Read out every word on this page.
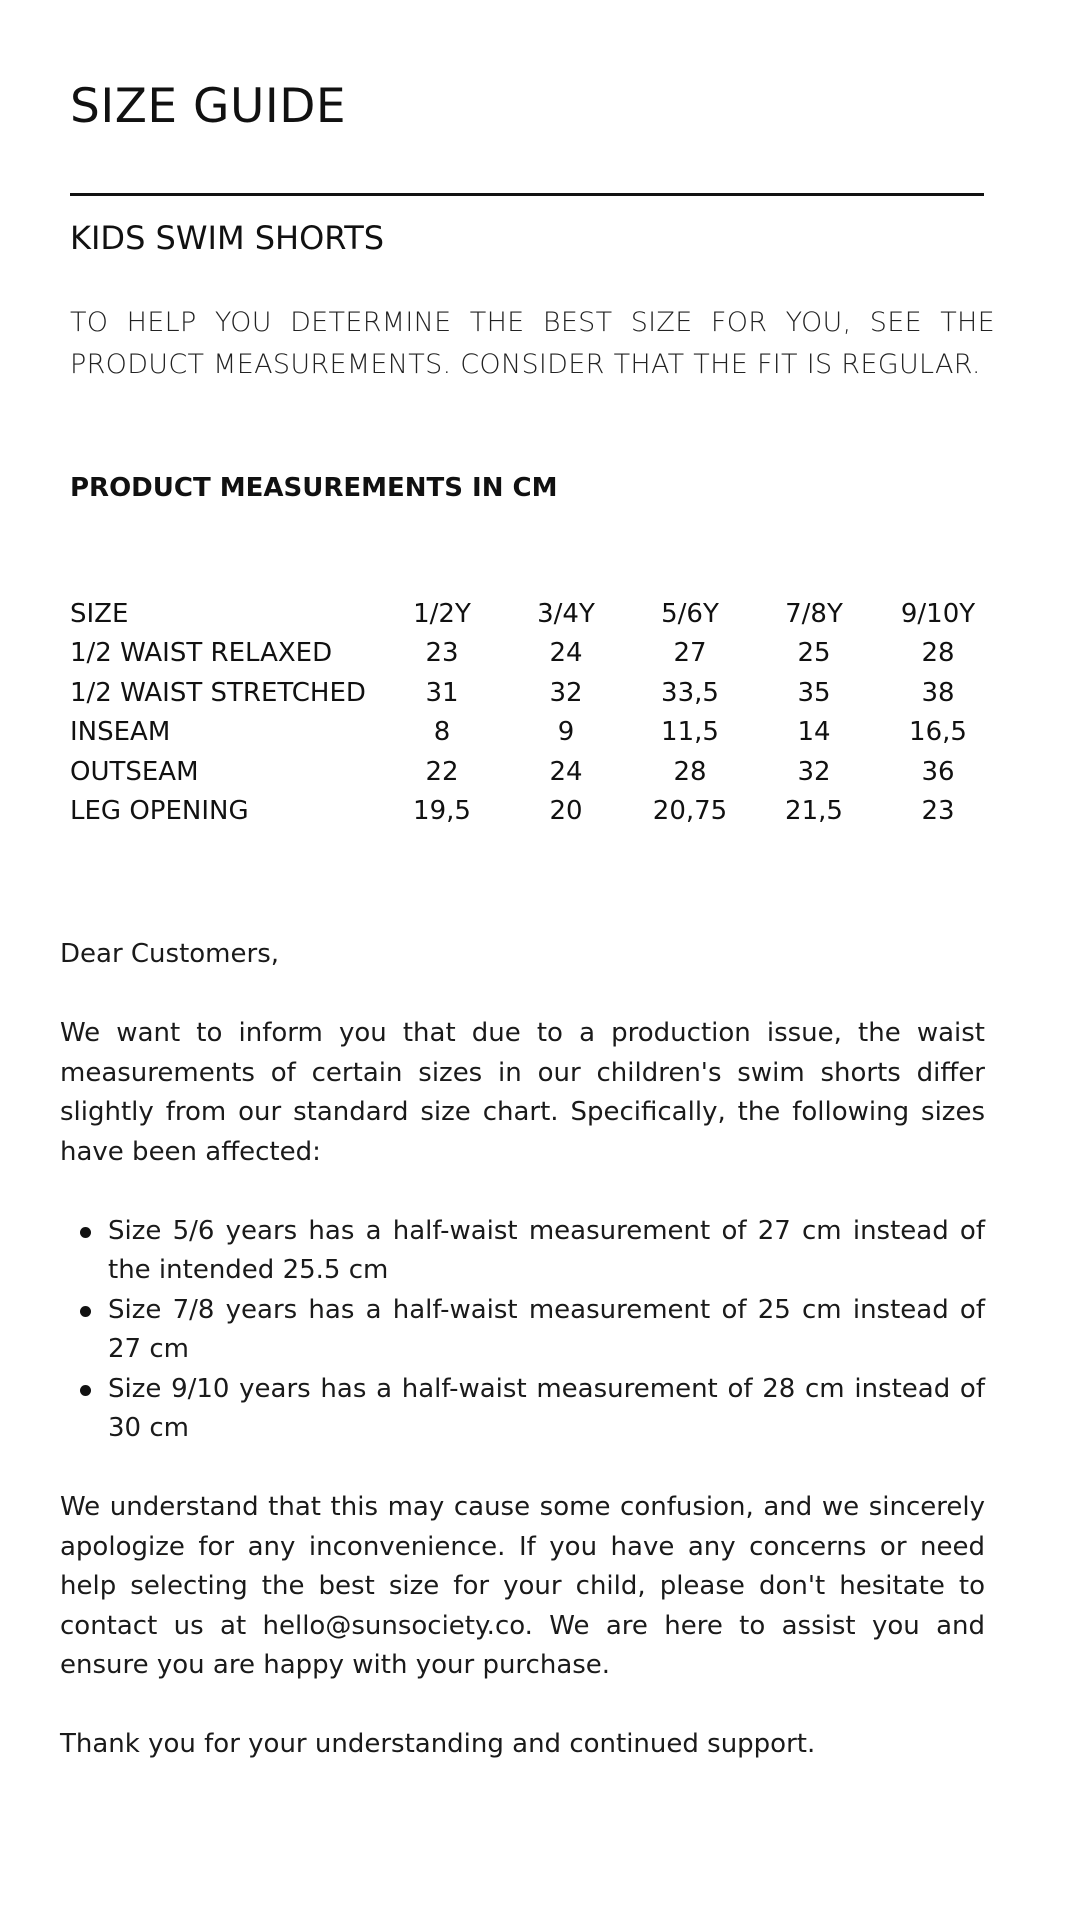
SIZE GUIDE
KIDS SWIM SHORTS

TO HELP YOU DETERMINE THE BEST SIZE FOR YOU, SEE THE PRODUCT MEASUREMENTS. CONSIDER THAT THE FIT IS REGULAR.

PRODUCT MEASUREMENTS IN CM
SIZE	1/2Y	3/4Y	5/6Y	7/8Y	9/10Y
1/2 WAIST RELAXED	23	24	27	25	28
1/2 WAIST STRETCHED	31	32	33,5	35	38
INSEAM	8	9	11,5	14	16,5
OUTSEAM	22	24	28	32	36
LEG OPENING	19,5	20	20,75	21,5	23

Dear Customers,

We want to inform you that due to a production issue, the waist measurements of certain sizes in our children's swim shorts differ slightly from our standard size chart. Specifically, the following sizes have been affected:

Size 5/6 years has a half-waist measurement of 27 cm instead of the intended 25.5 cm
Size 7/8 years has a half-waist measurement of 25 cm instead of 27 cm
Size 9/10 years has a half-waist measurement of 28 cm instead of 30 cm

We understand that this may cause some confusion, and we sincerely apologize for any inconvenience. If you have any concerns or need help selecting the best size for your child, please don't hesitate to contact us at hello@sunsociety.co. We are here to assist you and ensure you are happy with your purchase.

Thank you for your understanding and continued support.
